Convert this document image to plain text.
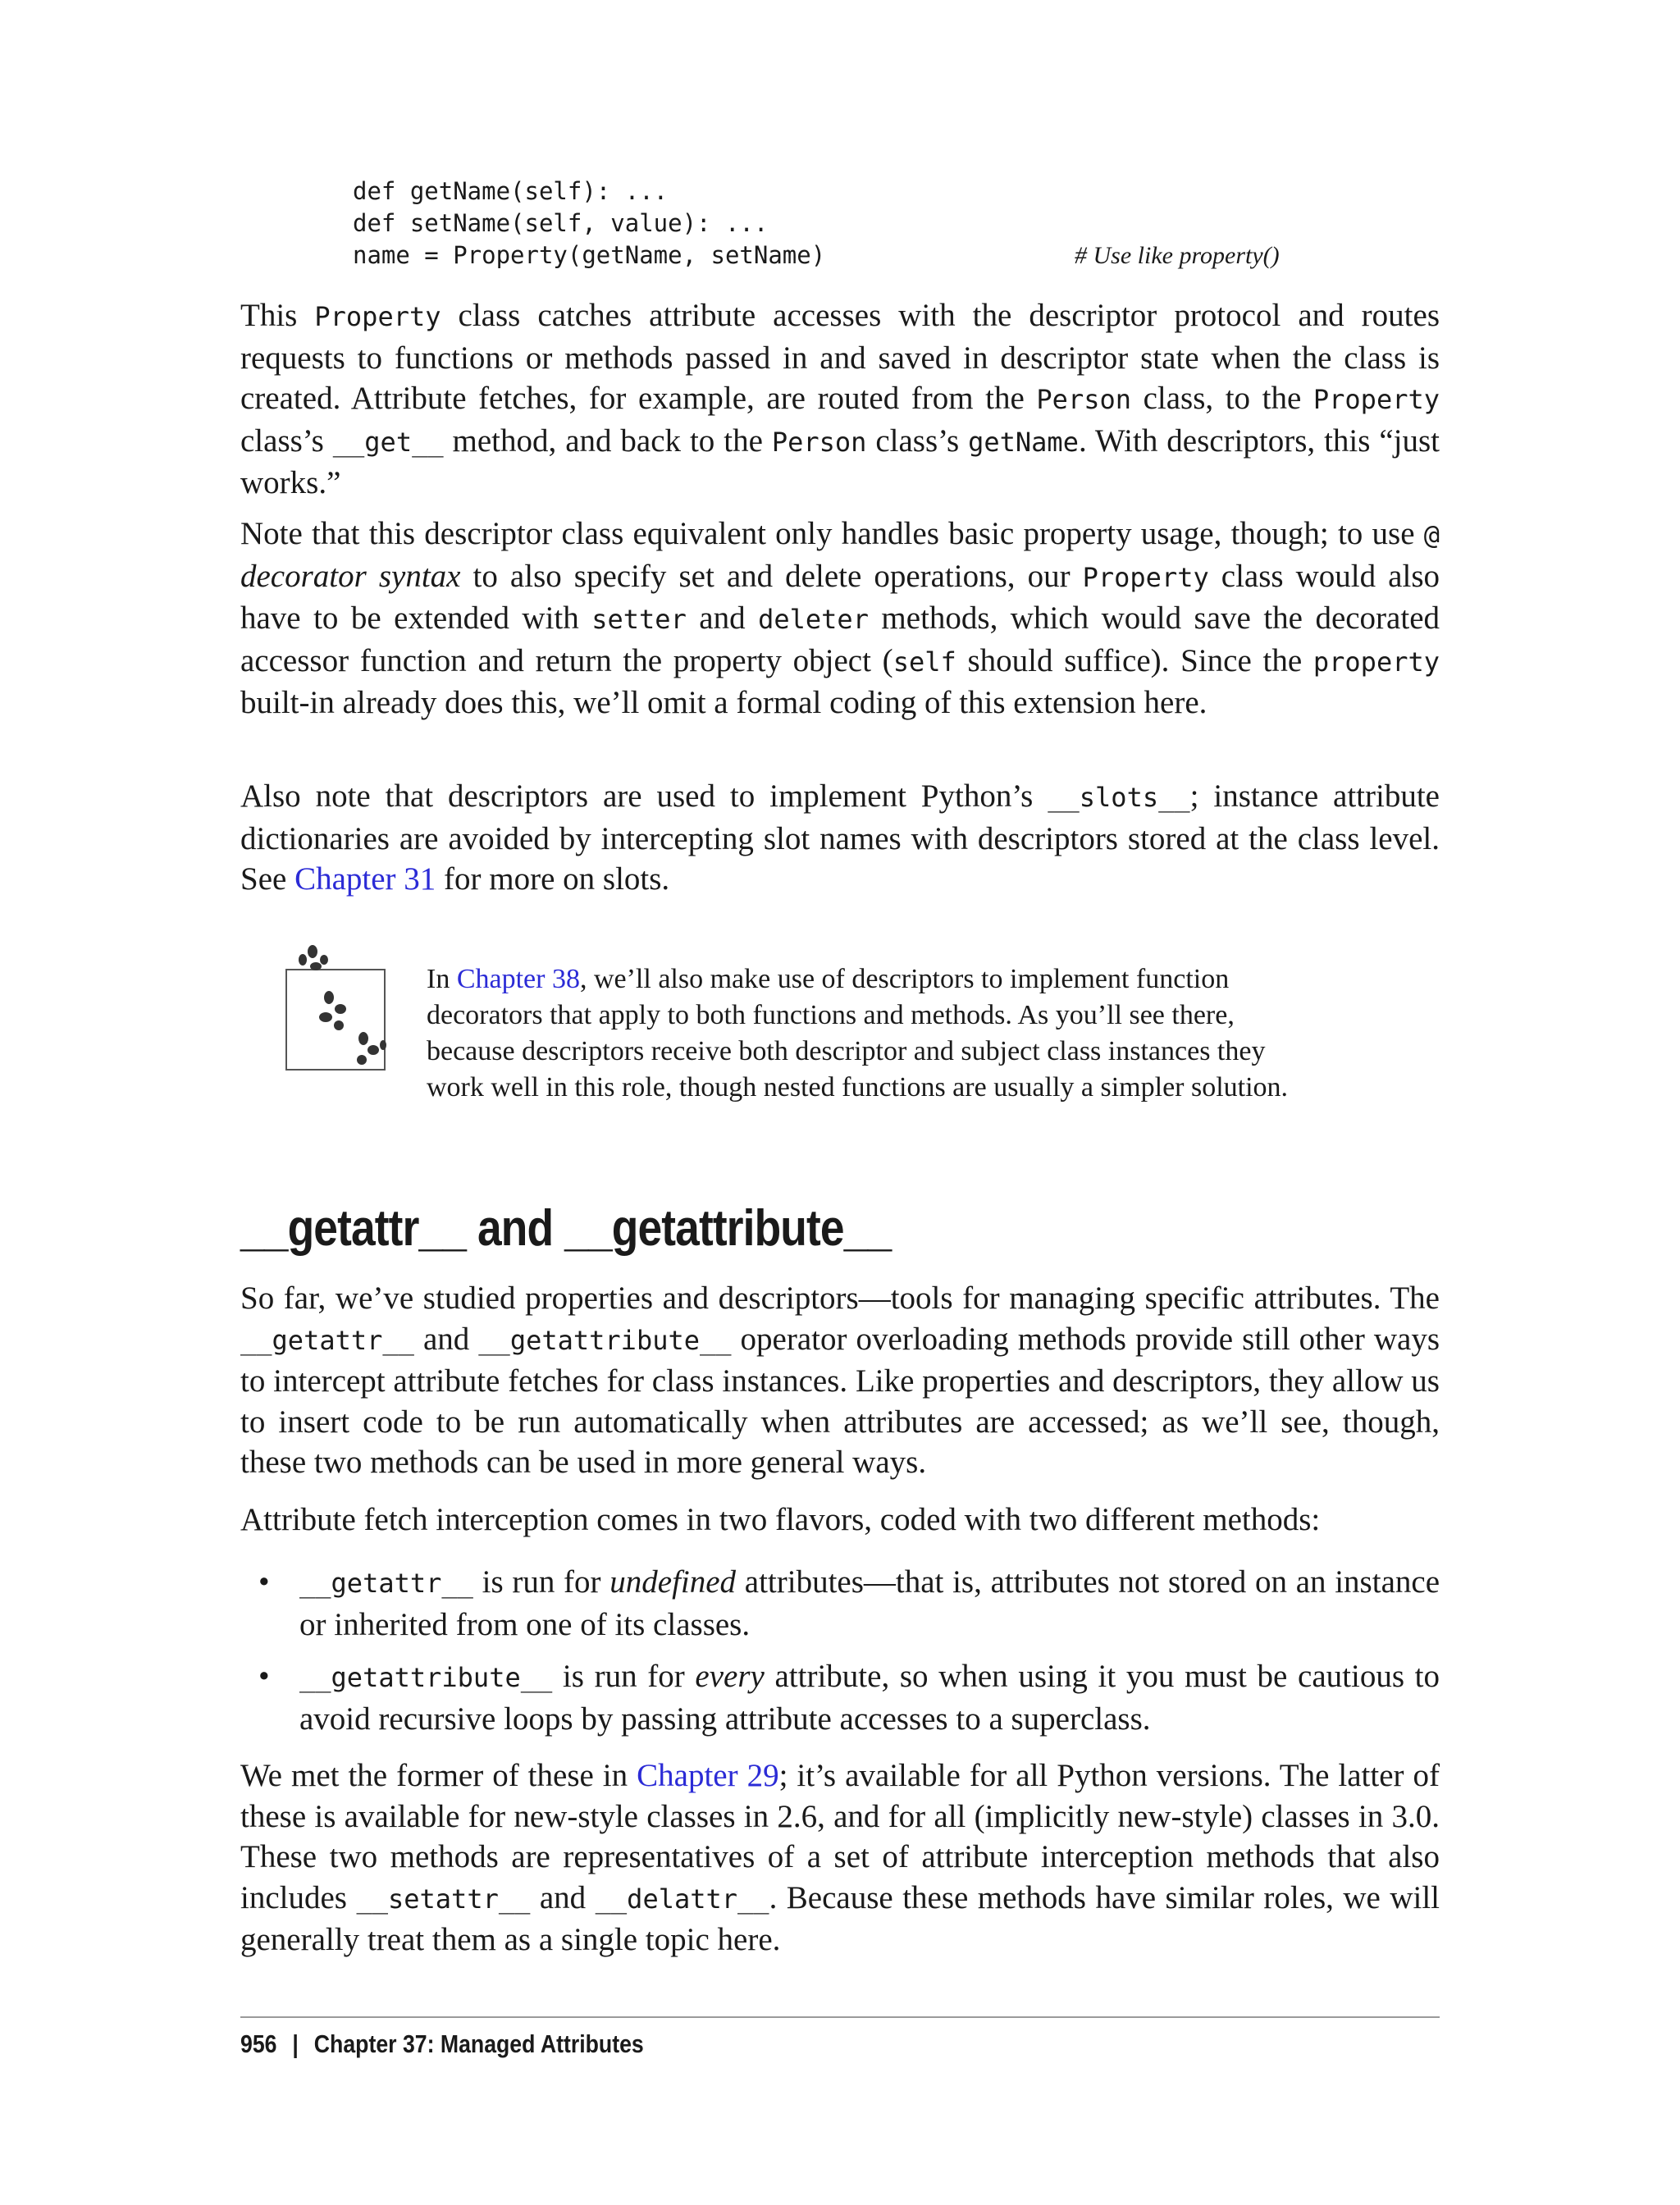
def getName(self): ...
def setName(self, value): ...
name = Property(getName, setName)	# Use like property()

This Property class catches attribute accesses with the descriptor protocol and routes requests to functions or methods passed in and saved in descriptor state when the class is created. Attribute fetches, for example, are routed from the Person class, to the Property class’s __get__ method, and back to the Person class’s getName. With descriptors, this “just works.”

Note that this descriptor class equivalent only handles basic property usage, though; to use @ decorator syntax to also specify set and delete operations, our Property class would also have to be extended with setter and deleter methods, which would save the decorated accessor function and return the property object (self should suffice). Since the property built-in already does this, we’ll omit a formal coding of this extension here.

Also note that descriptors are used to implement Python’s __slots__; instance attribute dictionaries are avoided by intercepting slot names with descriptors stored at the class level. See Chapter 31 for more on slots.

In Chapter 38, we’ll also make use of descriptors to implement function decorators that apply to both functions and methods. As you’ll see there, because descriptors receive both descriptor and subject class instances they work well in this role, though nested functions are usually a simpler solution.

__getattr__ and __getattribute__

So far, we’ve studied properties and descriptors—tools for managing specific attributes. The __getattr__ and __getattribute__ operator overloading methods provide still other ways to intercept attribute fetches for class instances. Like properties and descriptors, they allow us to insert code to be run automatically when attributes are accessed; as we’ll see, though, these two methods can be used in more general ways.

Attribute fetch interception comes in two flavors, coded with two different methods:

• __getattr__ is run for undefined attributes—that is, attributes not stored on an instance or inherited from one of its classes.
• __getattribute__ is run for every attribute, so when using it you must be cautious to avoid recursive loops by passing attribute accesses to a superclass.

We met the former of these in Chapter 29; it’s available for all Python versions. The latter of these is available for new-style classes in 2.6, and for all (implicitly new-style) classes in 3.0. These two methods are representatives of a set of attribute interception methods that also includes __setattr__ and __delattr__. Because these methods have similar roles, we will generally treat them as a single topic here.

956 | Chapter 37: Managed Attributes
